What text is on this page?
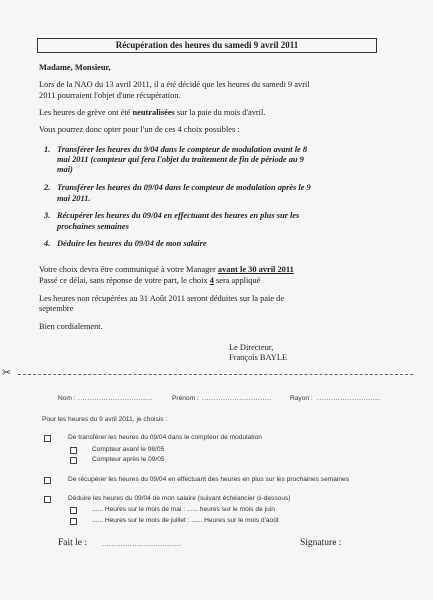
Récupération des heures du samedi 9 avril 2011
Madame, Monsieur,
Lors de la NAO du 13 avril 2011, il a été décidé que les heures du samedi 9 avril
2011 pourraient l'objet d'une récupération.
Les heures de grève ont été neutralisées sur la paie du mois d'avril.
Vous pourrez donc opter pour l'un de ces 4 choix possibles :
1. Transférer les heures du 9/04 dans le compteur de modulation avant le 8
mai 2011 (compteur qui fera l'objet du traitement de fin de période au 9
mai)
2. Transférer les heures du 09/04 dans le compteur de modulation après le 9
mai 2011.
3. Récupérer les heures du 09/04 en effectuant des heures en plus sur les
prochaines semaines
4. Déduire les heures du 09/04 de mon salaire
Votre choix devra être communiqué à votre Manager avant le 30 avril 2011
Passé ce délai, sans réponse de votre part, le choix 4 sera appliqué
Les heures non récupérées au 31 Août 2011 seront déduites sur la paie de
septembre
Bien cordialement.
Le Directeur,
François BAYLE
✂
Nom : ................................	Prénom : ..............................	Rayon : ...........................
Pour les heures du 9 avril 2011, je choisis :
De transférer les heures du 09/04 dans le compteur de modulation
Compteur avant le 08/05
Compteur après le 09/05
De récupérer les heures du 09/04 en effectuant des heures en plus sur les prochaines semaines
Déduire les heures du 09/04 de mon salaire (suivant échéancier ci-dessous)
...... Heures sur le mois de mai : ...... heures sur le mois de juin
...... Heures sur le mois de juillet : ...... Heures sur le mois d'août
Fait le : ..................................	Signature :
